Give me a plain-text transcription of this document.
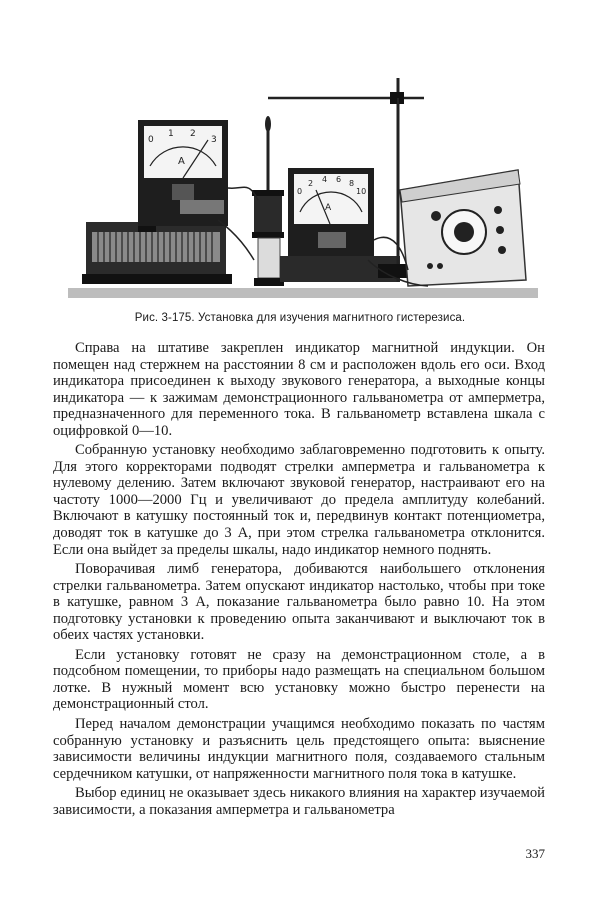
0
1 2
3
A
0
2 4 6 8
10
A
Рис. 3-175. Установка для изучения магнитного гистерезиса.

Справа на штативе закреплен индикатор магнитной индукции. Он помещен над стержнем на расстоянии 8 см и расположен вдоль его оси. Вход индикатора присоединен к выходу звукового генератора, а выходные концы индикатора — к зажимам демонстрационного гальванометра от амперметра, предназначенного для переменного тока. В гальванометр вставлена шкала с оцифровкой 0—10.

Собранную установку необходимо заблаговременно подготовить к опыту. Для этого корректорами подводят стрелки амперметра и гальванометра к нулевому делению. Затем включают звуковой генератор, настраивают его на частоту 1000—2000 Гц и увеличивают до предела амплитуду колебаний. Включают в катушку постоянный ток и, передвинув контакт потенциометра, доводят ток в катушке до 3 А, при этом стрелка гальванометра отклонится. Если она выйдет за пределы шкалы, надо индикатор немного поднять.

Поворачивая лимб генератора, добиваются наибольшего отклонения стрелки гальванометра. Затем опускают индикатор настолько, чтобы при токе в катушке, равном 3 А, показание гальванометра было равно 10. На этом подготовку установки к проведению опыта заканчивают и выключают ток в обеих частях установки.

Если установку готовят не сразу на демонстрационном столе, а в подсобном помещении, то приборы надо размещать на специальном большом лотке. В нужный момент всю установку можно быстро перенести на демонстрационный стол.

Перед началом демонстрации учащимся необходимо показать по частям собранную установку и разъяснить цель предстоящего опыта: выяснение зависимости величины индукции магнитного поля, создаваемого стальным сердечником катушки, от напряженности магнитного поля тока в катушке.

Выбор единиц не оказывает здесь никакого влияния на характер изучаемой зависимости, а показания амперметра и гальванометра

337
